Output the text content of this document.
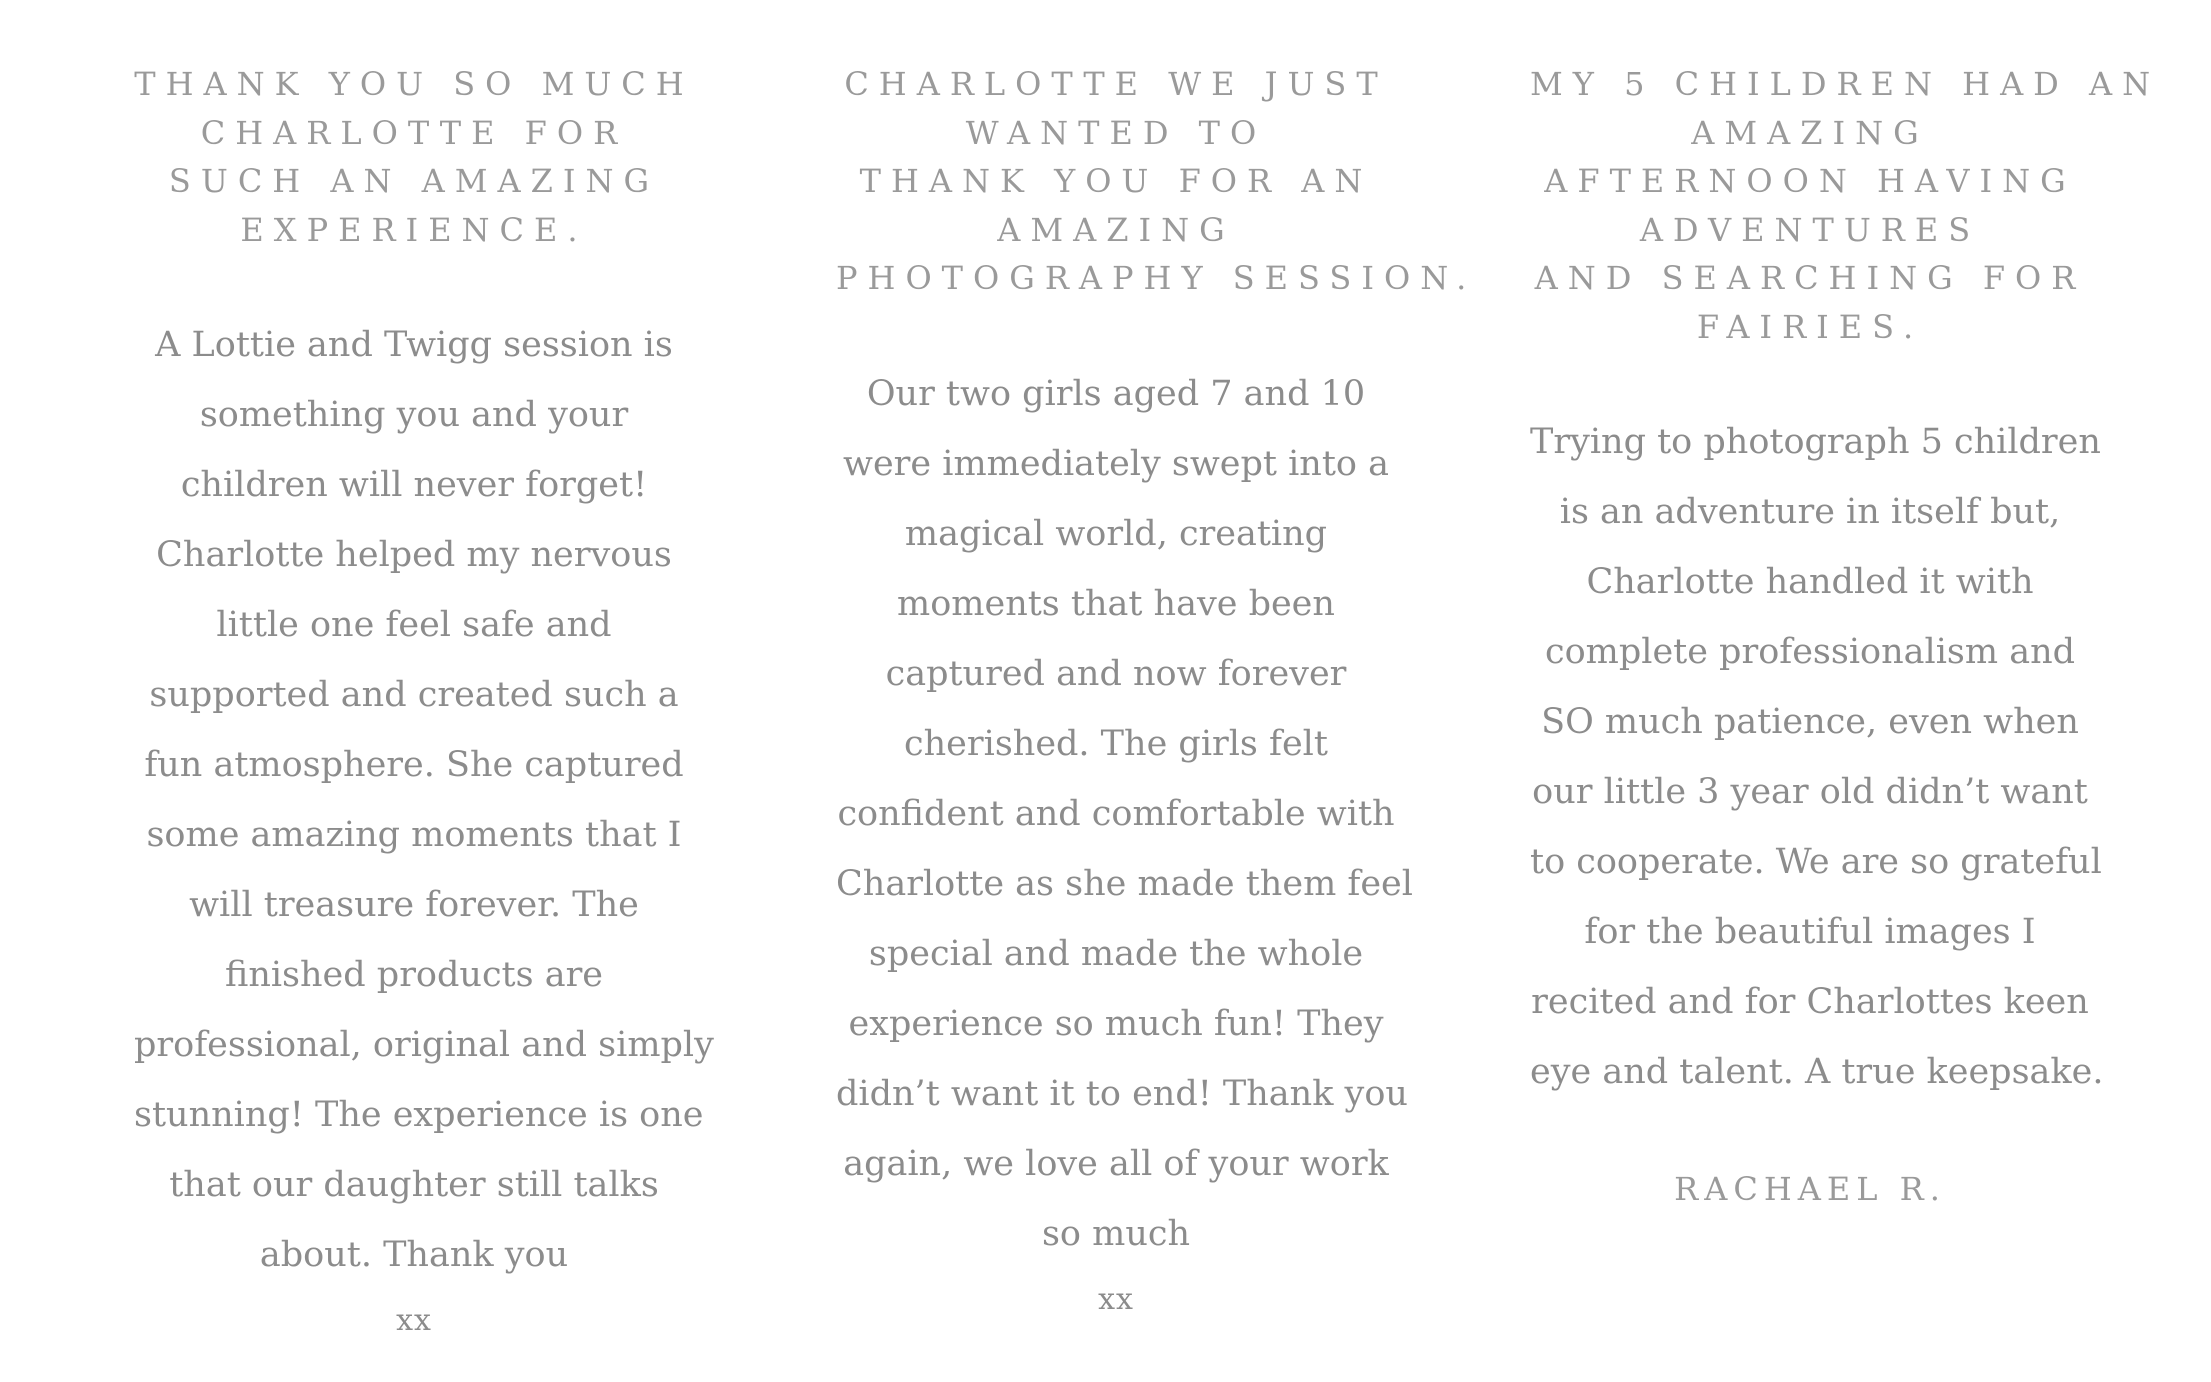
THANK YOU SO MUCH
CHARLOTTE FOR
SUCH AN AMAZING
EXPERIENCE.

A Lottie and Twigg session is
something you and your
children will never forget!
Charlotte helped my nervous
little one feel safe and
supported and created such a
fun atmosphere. She captured
some amazing moments that I
will treasure forever. The
finished products are
professional, original and simply
stunning! The experience is one
that our daughter still talks
about. Thank you

xx

CHARLOTTE WE JUST
WANTED TO
THANK YOU FOR AN
AMAZING
PHOTOGRAPHY SESSION.

Our two girls aged 7 and 10
were immediately swept into a
magical world, creating
moments that have been
captured and now forever
cherished. The girls felt
confident and comfortable with
Charlotte as she made them feel
special and made the whole
experience so much fun! They
didn’t want it to end! Thank you
again, we love all of your work
so much

xx

MY 5 CHILDREN HAD AN
AMAZING
AFTERNOON HAVING
ADVENTURES
AND SEARCHING FOR
FAIRIES.

Trying to photograph 5 children
is an adventure in itself but,
Charlotte handled it with
complete professionalism and
SO much patience, even when
our little 3 year old didn’t want
to cooperate. We are so grateful
for the beautiful images I
recited and for Charlottes keen
eye and talent. A true keepsake.

RACHAEL R.
